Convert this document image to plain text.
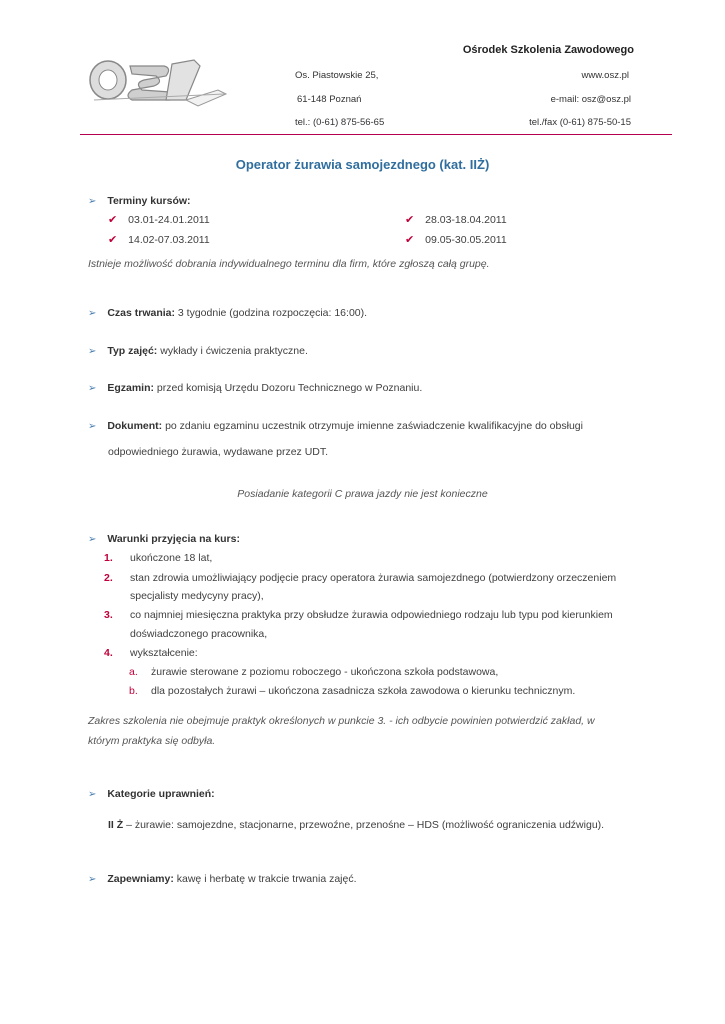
Ośrodek Szkolenia Zawodowego
Os. Piastowskie 25,
61-148 Poznań
tel.: (0-61) 875-56-65
www.osz.pl
e-mail: osz@osz.pl
tel./fax (0-61) 875-50-15
Operator żurawia samojezdnego (kat. IIŻ)
➢ Terminy kursów:
✔ 03.01-24.01.2011
✔ 14.02-07.03.2011
✔ 28.03-18.04.2011
✔ 09.05-30.05.2011
Istnieje możliwość dobrania indywidualnego terminu dla firm, które zgłoszą całą grupę.
➢ Czas trwania: 3 tygodnie (godzina rozpoczęcia: 16:00).
➢ Typ zajęć: wykłady i ćwiczenia praktyczne.
➢ Egzamin: przed komisją Urzędu Dozoru Technicznego w Poznaniu.
➢ Dokument: po zdaniu egzaminu uczestnik otrzymuje imienne zaświadczenie kwalifikacyjne do obsługi
odpowiedniego żurawia, wydawane przez UDT.
Posiadanie kategorii C prawa jazdy nie jest konieczne
➢ Warunki przyjęcia na kurs:
1. ukończone 18 lat,
2. stan zdrowia umożliwiający podjęcie pracy operatora żurawia samojezdnego (potwierdzony orzeczeniem
specjalisty medycyny pracy),
3. co najmniej miesięczna praktyka przy obsłudze żurawia odpowiedniego rodzaju lub typu pod kierunkiem
doświadczonego pracownika,
4. wykształcenie:
a. żurawie sterowane z poziomu roboczego - ukończona szkoła podstawowa,
b. dla pozostałych żurawi – ukończona zasadnicza szkoła zawodowa o kierunku technicznym.
Zakres szkolenia nie obejmuje praktyk określonych w punkcie 3. - ich odbycie powinien potwierdzić zakład, w
którym praktyka się odbyła.
➢ Kategorie uprawnień:
II Ż – żurawie: samojezdne, stacjonarne, przewoźne, przenośne – HDS (możliwość ograniczenia udźwigu).
➢ Zapewniamy: kawę i herbatę w trakcie trwania zajęć.
